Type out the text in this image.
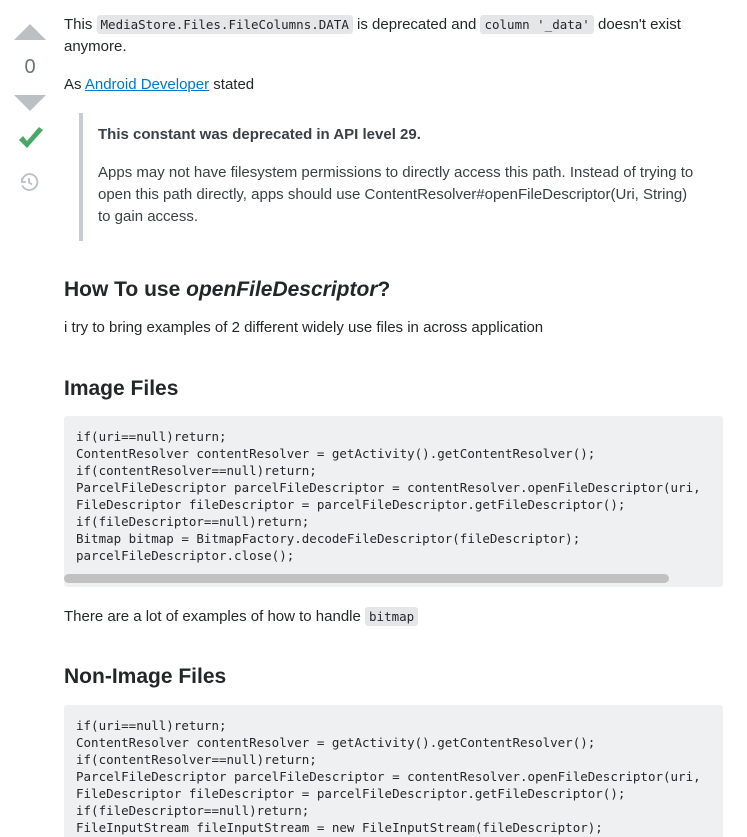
0

This MediaStore.Files.FileColumns.DATA is deprecated and column '_data' doesn't exist anymore.

As Android Developer stated

This constant was deprecated in API level 29.

Apps may not have filesystem permissions to directly access this path. Instead of trying to open this path directly, apps should use ContentResolver#openFileDescriptor(Uri, String) to gain access.

How To use openFileDescriptor?

i try to bring examples of 2 different widely use files in across application

Image Files
if(uri==null)return;
ContentResolver contentResolver = getActivity().getContentResolver();
if(contentResolver==null)return;
ParcelFileDescriptor parcelFileDescriptor = contentResolver.openFileDescriptor(uri,
FileDescriptor fileDescriptor = parcelFileDescriptor.getFileDescriptor();
if(fileDescriptor==null)return;
Bitmap bitmap = BitmapFactory.decodeFileDescriptor(fileDescriptor);
parcelFileDescriptor.close();

There are a lot of examples of how to handle bitmap

Non-Image Files
if(uri==null)return;
ContentResolver contentResolver = getActivity().getContentResolver();
if(contentResolver==null)return;
ParcelFileDescriptor parcelFileDescriptor = contentResolver.openFileDescriptor(uri,
FileDescriptor fileDescriptor = parcelFileDescriptor.getFileDescriptor();
if(fileDescriptor==null)return;
FileInputStream fileInputStream = new FileInputStream(fileDescriptor);
